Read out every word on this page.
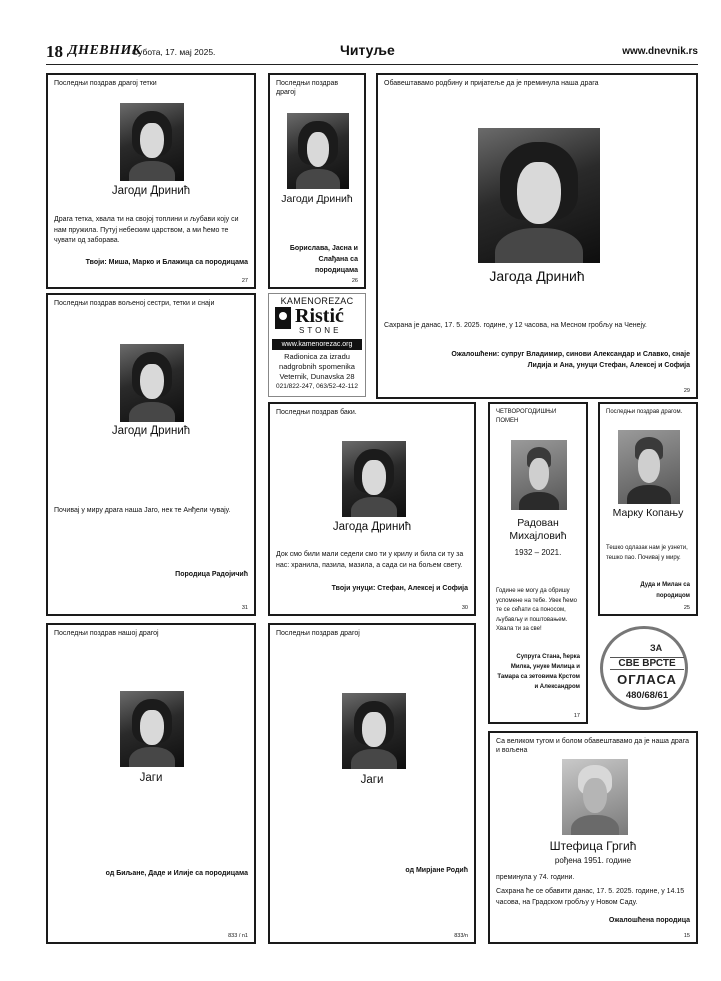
18 ДНЕВНИК
Субота, 17. мај 2025.	Читуље	www.dnevnik.rs
Последњи поздрав драгој тетки
Јагоди Дринић
Драга тетка, хвала ти на својој топлини и љубави коју си нам пружила. Путуј небеским царством, а ми ћемо те чувати од заборава.
Твоји: Миша, Марко и Блажица са породицама
27
Последњи поздрав драгој
Јагоди Дринић
Борислава, Јасна и Слађана са породицама
26
Обавештавамо родбину и пријатеље да је преминула наша драга
Јагода Дринић
Сахрана је данас, 17. 5. 2025. године, у 12 часова, на Месном гробљу на Ченеју.
Ожалошћени: супруг Владимир, синови Александар и Славко, снаје Лидија и Ана, унуци Стефан, Алексеј и Софија
29
Последњи поздрав вољеној сестри, тетки и снаји
Јагоди Дринић
Почивај у миру драга наша Јаго, нек те Анђели чувају.
Породица Радојичић
31
KAMENOREZAC
Ristić
STONE
www.kamenorezac.org
Radionica za izradu
nadgrobnih spomenika
Veternik, Dunavska 28
021/822-247, 063/52-42-112
Последњи поздрав баки.
Јагода Дринић
Док смо били мали седели смо ти у крилу и била си ту за нас: хранила, пазила, мазила, а сада си на бољем свету.
Твоји унуци: Стефан, Алексеј и Софија
30
ЧЕТВОРОГОДИШЊИ ПОМЕН
Радован Михајловић
1932 – 2021.
Године не могу да обришу успомене на тебе. Увек ћемо те се сећати са поносом, љубављу и поштовањем. Хвала ти за све!
Супруга Стана, ћерка Милка, унуке Милица и Тамара са зетовима Крстом и Александром
17
Последњи поздрав драгом.
Марку Копању
Тешко одлазак нам је узнети, тешко пао. Почивај у миру.
Дуда и Милан са породицом
25
ЗА
СВЕ ВРСТЕ
ОГЛАСА
480/68/61
Последњи поздрав нашој драгој
Јаги
од Биљане, Даде и Илије са породицама
833 / n1
Последњи поздрав драгој
Јаги
од Мирјане Родић
833/n
Са великом тугом и болом обавештавамо да је наша драга и вољена
Штефица Гргић
рођена 1951. године
преминула у 74. години.
Сахрана ће се обавити данас, 17. 5. 2025. године, у 14.15 часова, на Градском гробљу у Новом Саду.
Ожалошћена породица
15
